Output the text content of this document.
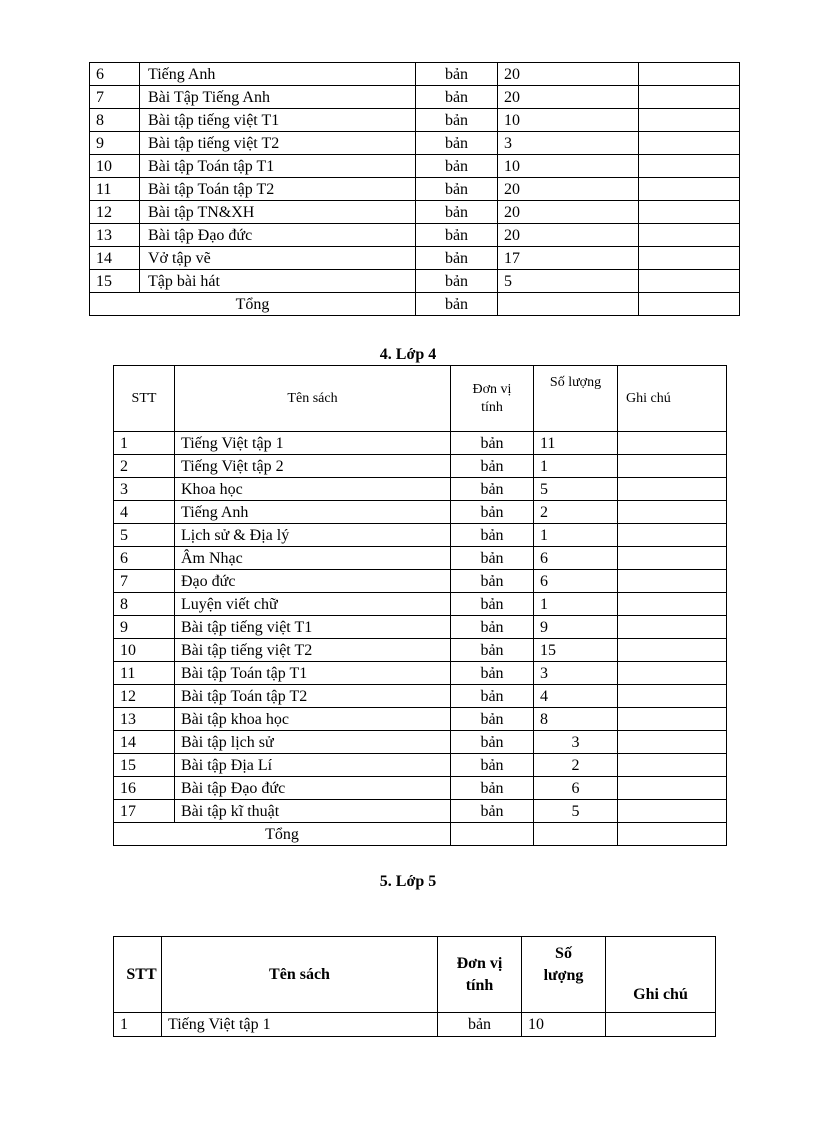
6	Tiếng Anh	bản	20	
7	Bài Tập Tiếng Anh	bản	20	
8	Bài tập tiếng việt T1	bản	10	
9	Bài tập tiếng việt T2	bản	3	
10	Bài tập Toán tập T1	bản	10	
11	Bài tập Toán tập T2	bản	20	
12	Bài tập TN&XH	bản	20	
13	Bài tập Đạo đức	bản	20	
14	Vở tập vẽ	bản	17	
15	Tập bài hát	bản	5	
Tổng		bản		
4. Lớp 4
STT	Tên sách	Đơn vị tính	Số lượng	Ghi chú
1	Tiếng Việt tập 1	bản	11	
2	Tiếng Việt tập 2	bản	1	
3	Khoa học	bản	5	
4	Tiếng Anh	bản	2	
5	Lịch sử & Địa lý	bản	1	
6	Âm Nhạc	bản	6	
7	Đạo đức	bản	6	
8	Luyện viết chữ	bản	1	
9	Bài tập tiếng việt T1	bản	9	
10	Bài tập tiếng việt T2	bản	15	
11	Bài tập Toán tập T1	bản	3	
12	Bài tập Toán tập T2	bản	4	
13	Bài tập khoa học	bản	8	
14	Bài tập lịch sử	bản	3	
15	Bài tập Địa Lí	bản	2	
16	Bài tập Đạo đức	bản	6	
17	Bài tập kĩ thuật	bản	5	
Tổng				
5. Lớp 5
STT	Tên sách	Đơn vị tính	Số lượng	Ghi chú
1	Tiếng Việt tập 1	bản	10	
